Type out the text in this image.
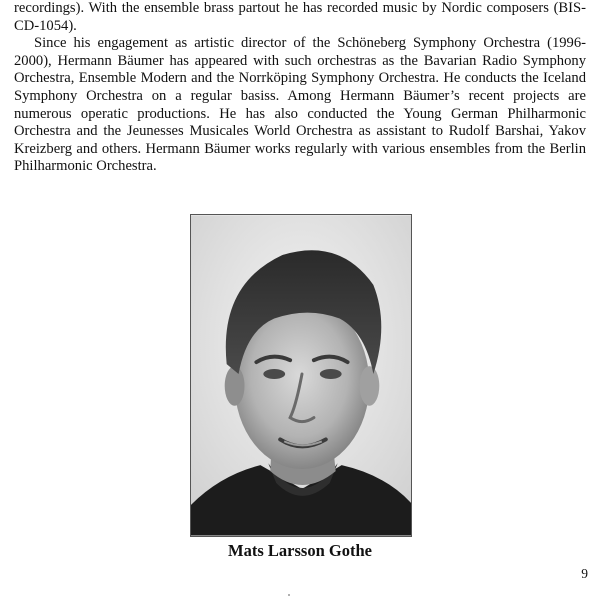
recordings). With the ensemble brass partout he has recorded music by Nordic composers (BIS-CD-1054).

Since his engagement as artistic director of the Schöneberg Symphony Orchestra (1996-2000), Hermann Bäumer has appeared with such orchestras as the Bavarian Radio Symphony Orchestra, Ensemble Modern and the Norrköping Symphony Orchestra. He conducts the Iceland Symphony Orchestra on a regular basiss. Among Hermann Bäumer’s recent projects are numerous operatic productions. He has also conducted the Young German Philharmonic Orchestra and the Jeunesses Musicales World Orchestra as assistant to Rudolf Barshai, Yakov Kreizberg and others. Hermann Bäumer works regularly with various ensembles from the Berlin Philharmonic Orchestra.

Mats Larsson Gothe
9
